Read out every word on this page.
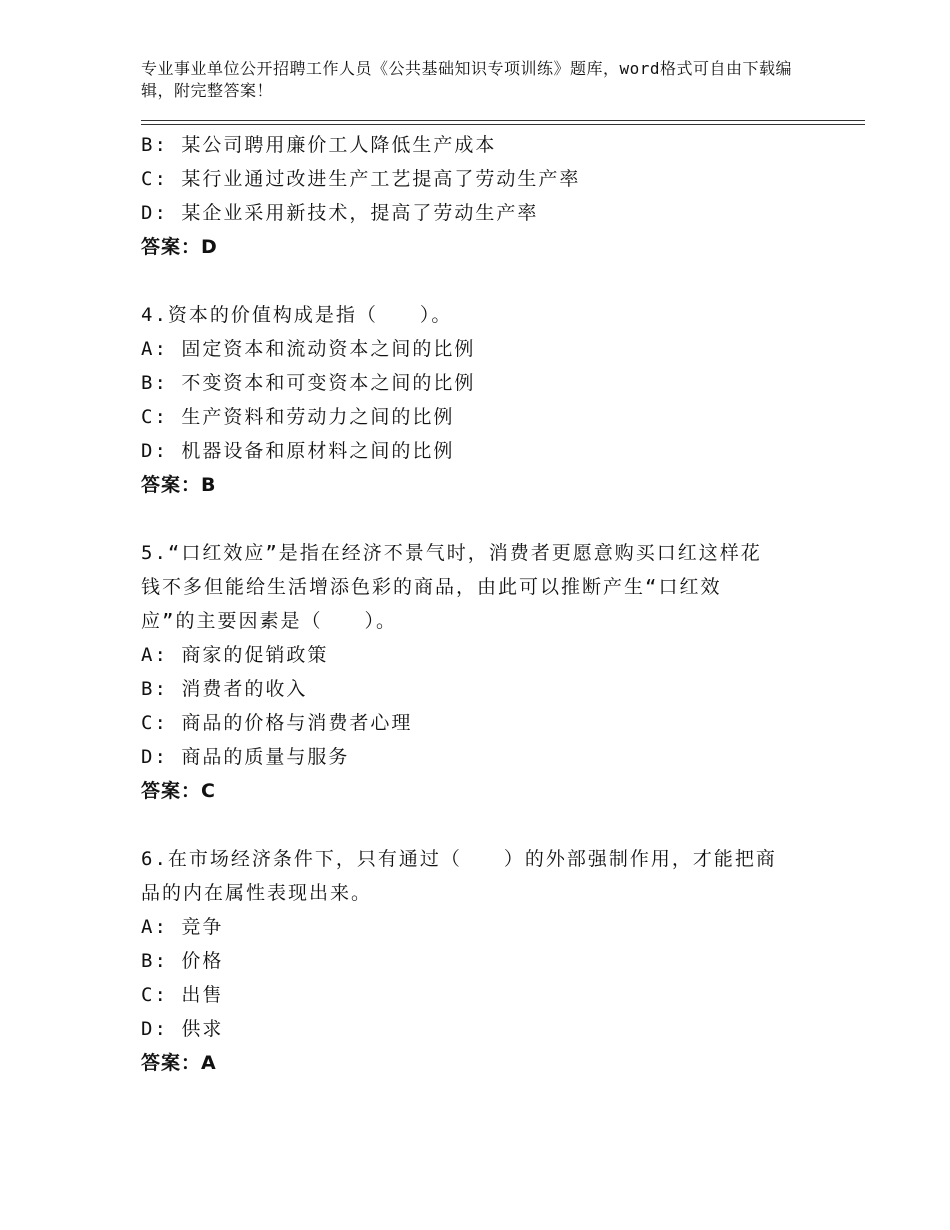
专业事业单位公开招聘工作人员《公共基础知识专项训练》题库，word格式可自由下载编辑，附完整答案！
B: 某公司聘用廉价工人降低生产成本
C: 某行业通过改进生产工艺提高了劳动生产率
D: 某企业采用新技术，提高了劳动生产率
答案：D
4.资本的价值构成是指（　　）。
A: 固定资本和流动资本之间的比例
B: 不变资本和可变资本之间的比例
C: 生产资料和劳动力之间的比例
D: 机器设备和原材料之间的比例
答案：B
5.“口红效应”是指在经济不景气时，消费者更愿意购买口红这样花
钱不多但能给生活增添色彩的商品，由此可以推断产生“口红效
应”的主要因素是（　　）。
A: 商家的促销政策
B: 消费者的收入
C: 商品的价格与消费者心理
D: 商品的质量与服务
答案：C
6.在市场经济条件下，只有通过（　　）的外部强制作用，才能把商
品的内在属性表现出来。
A: 竞争
B: 价格
C: 出售
D: 供求
答案：A
